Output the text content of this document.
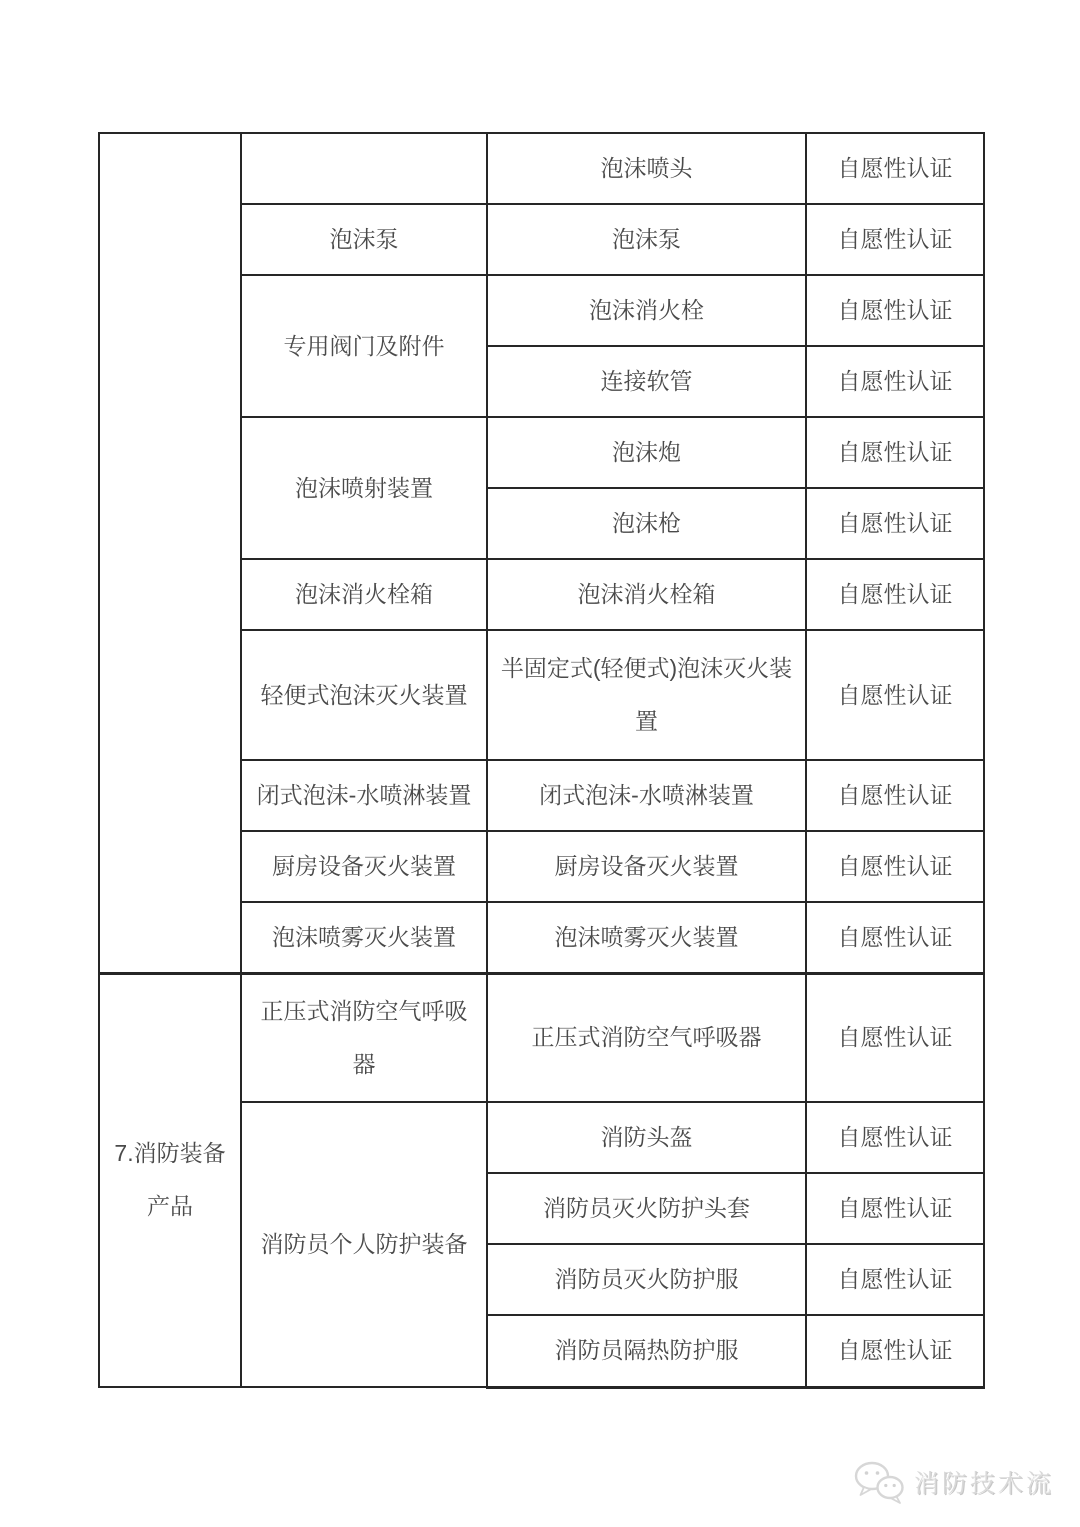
		泡沫喷头	自愿性认证
	泡沫泵	泡沫泵	自愿性认证
	专用阀门及附件	泡沫消火栓	自愿性认证
		连接软管	自愿性认证
	泡沫喷射装置	泡沫炮	自愿性认证
		泡沫枪	自愿性认证
	泡沫消火栓箱	泡沫消火栓箱	自愿性认证
	轻便式泡沫灭火装置	半固定式(轻便式)泡沫灭火装置	自愿性认证
	闭式泡沫-水喷淋装置	闭式泡沫-水喷淋装置	自愿性认证
	厨房设备灭火装置	厨房设备灭火装置	自愿性认证
	泡沫喷雾灭火装置	泡沫喷雾灭火装置	自愿性认证
7.消防装备产品	正压式消防空气呼吸器	正压式消防空气呼吸器	自愿性认证
	消防员个人防护装备	消防头盔	自愿性认证
		消防员灭火防护头套	自愿性认证
		消防员灭火防护服	自愿性认证
		消防员隔热防护服	自愿性认证
消防技术流
